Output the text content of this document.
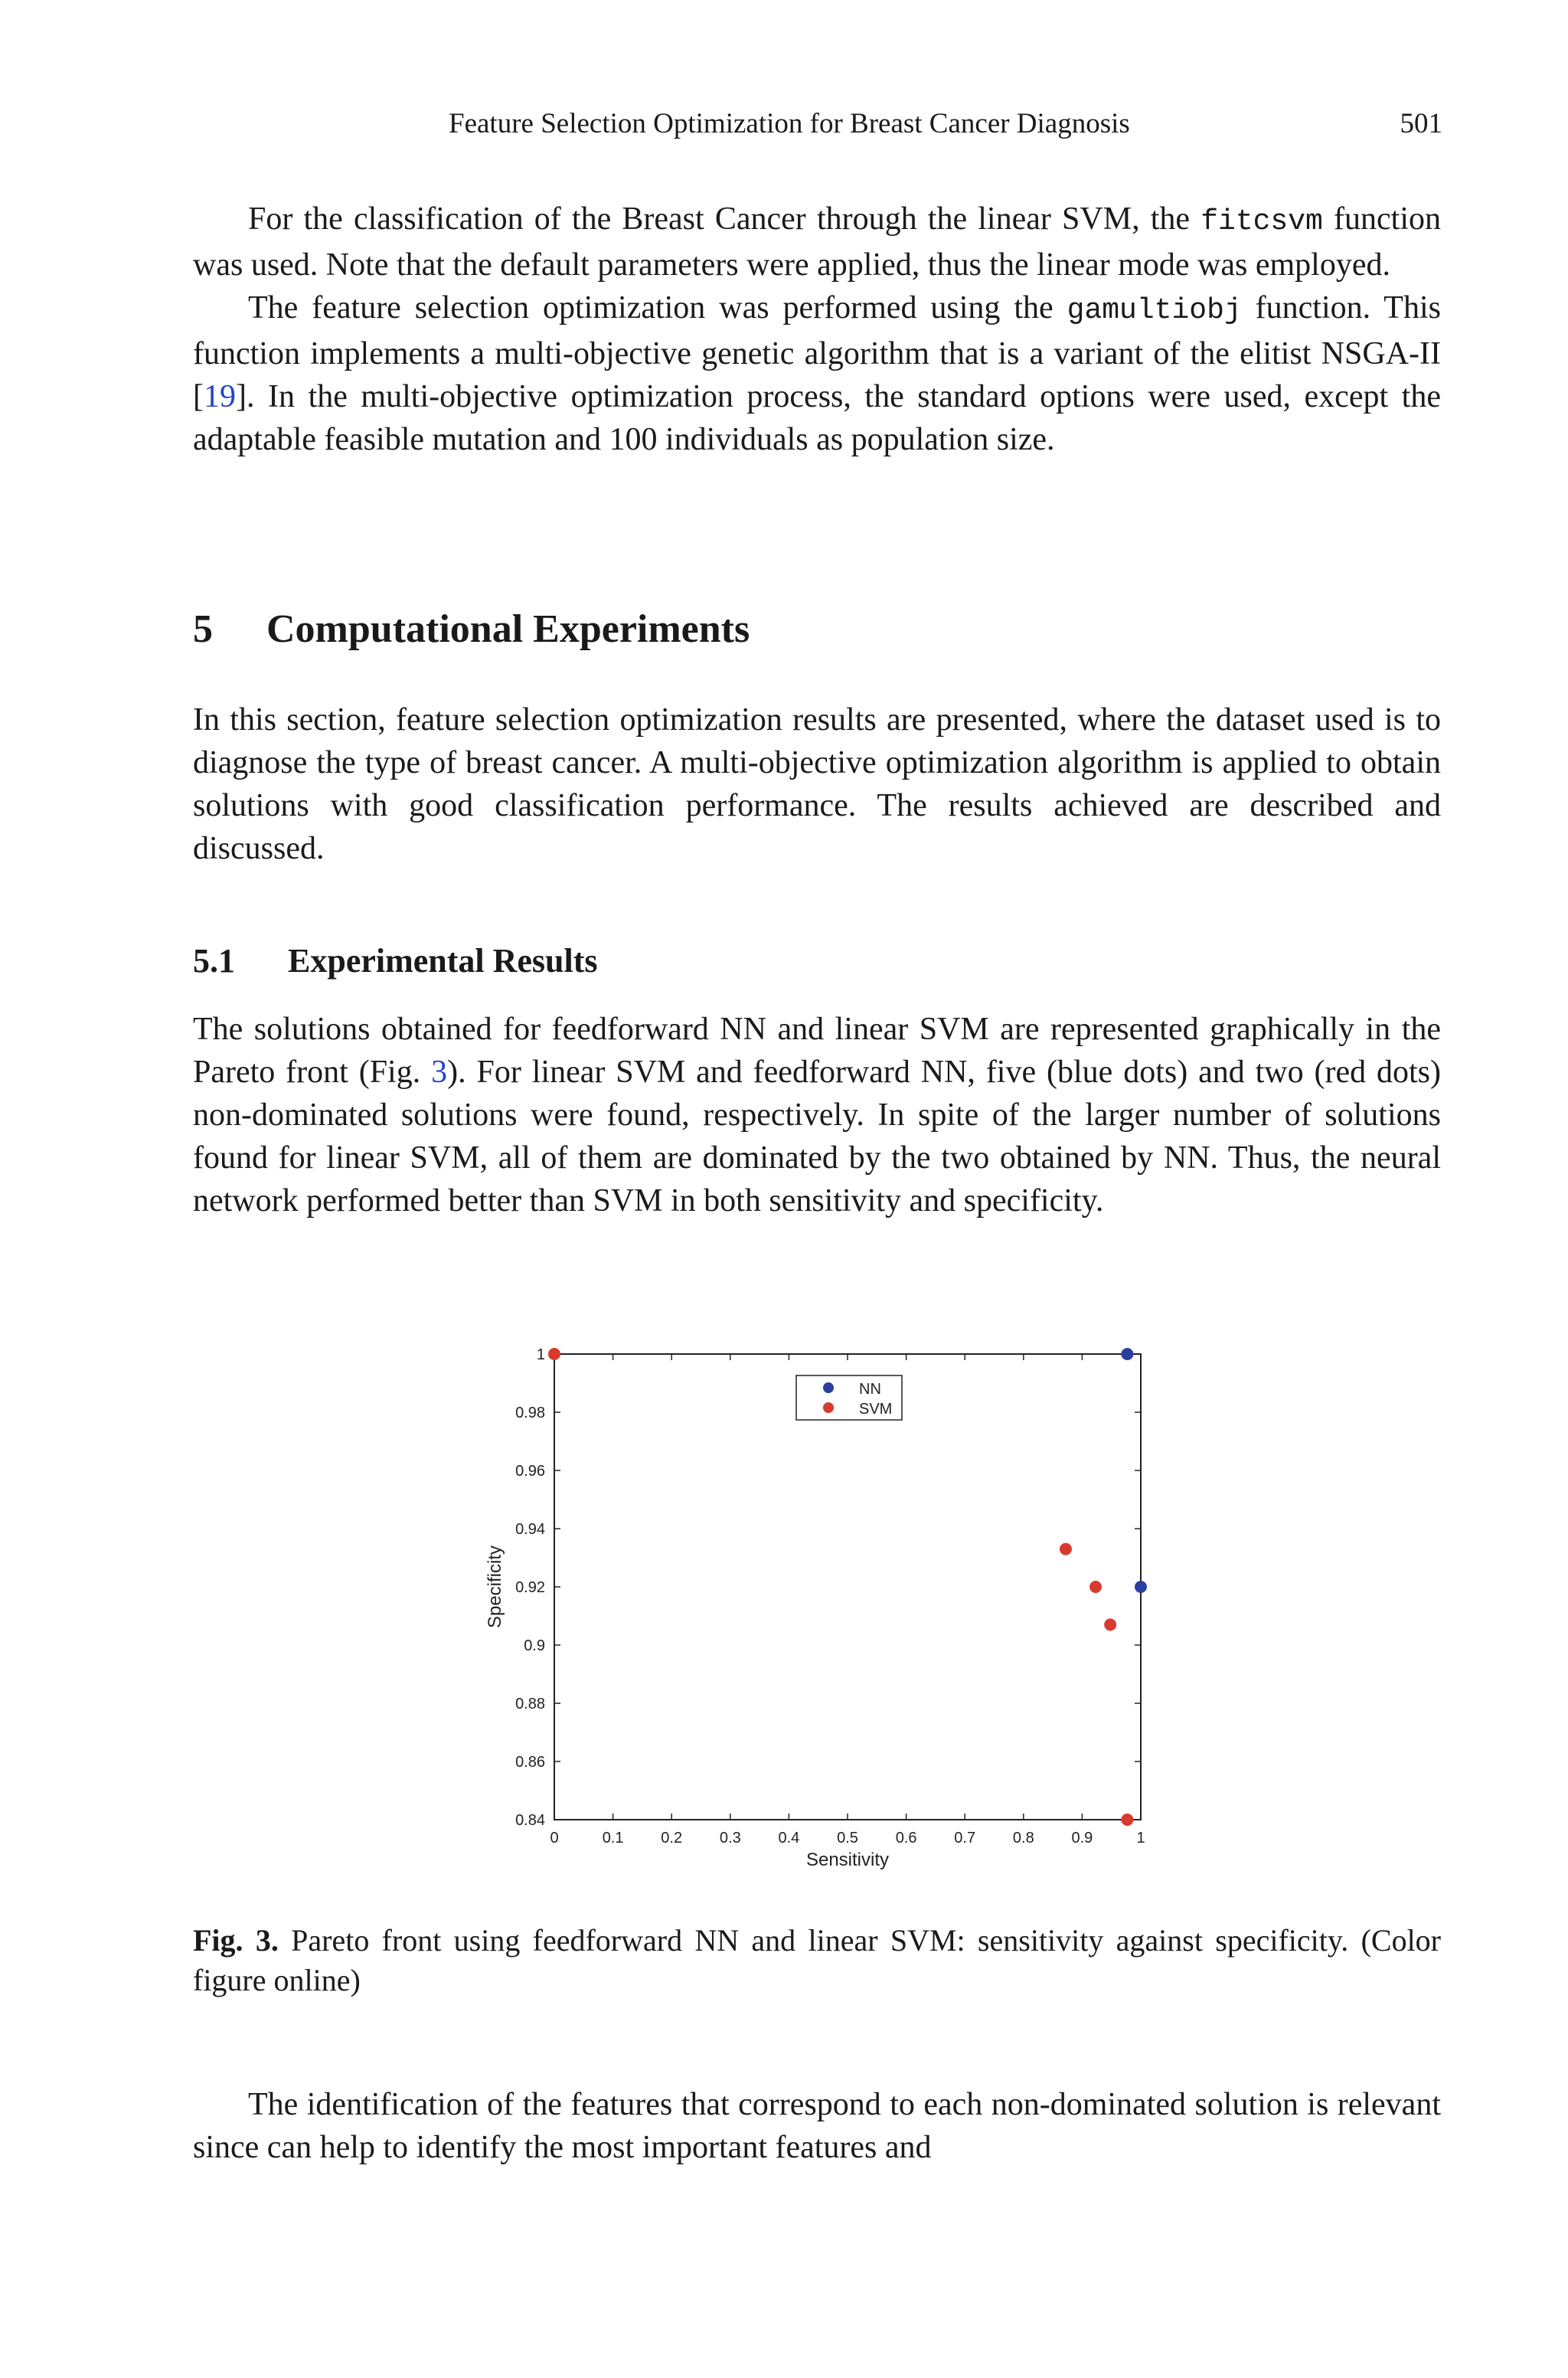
Feature Selection Optimization for Breast Cancer Diagnosis	501

For the classification of the Breast Cancer through the linear SVM, the fitcsvm function was used. Note that the default parameters were applied, thus the linear mode was employed.

The feature selection optimization was performed using the gamultiobj function. This function implements a multi-objective genetic algorithm that is a variant of the elitist NSGA-II [19]. In the multi-objective optimization process, the standard options were used, except the adaptable feasible mutation and 100 individuals as population size.

5 Computational Experiments

In this section, feature selection optimization results are presented, where the dataset used is to diagnose the type of breast cancer. A multi-objective optimization algorithm is applied to obtain solutions with good classification performance. The results achieved are described and discussed.

5.1 Experimental Results

The solutions obtained for feedforward NN and linear SVM are represented graphically in the Pareto front (Fig. 3). For linear SVM and feedforward NN, five (blue dots) and two (red dots) non-dominated solutions were found, respectively. In spite of the larger number of solutions found for linear SVM, all of them are dominated by the two obtained by NN. Thus, the neural network performed better than SVM in both sensitivity and specificity.

0	0.1 0.2 0.3 0.4 0.5 0.6 0.7 0.8 0.9	1
0.84
0.86
0.88
0.9
0.92
0.94
0.96
0.98
1
Sensitivity
Specificity
NN
SVM
Fig. 3. Pareto front using feedforward NN and linear SVM: sensitivity against specificity. (Color figure online)

The identification of the features that correspond to each non-dominated solution is relevant since can help to identify the most important features and
